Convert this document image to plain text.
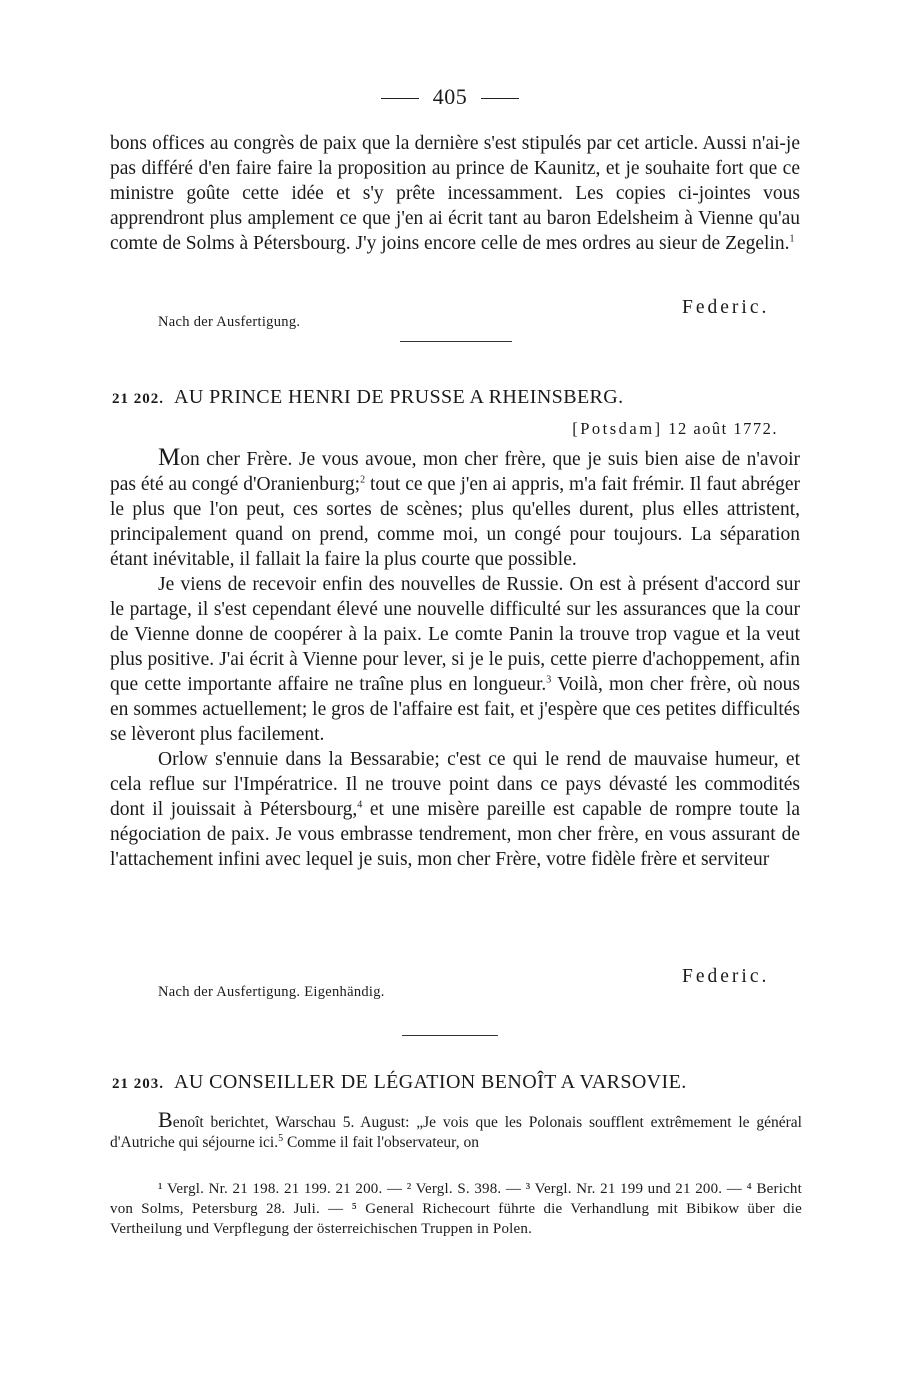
405

bons offices au congrès de paix que la dernière s'est stipulés par cet article. Aussi n'ai-je pas différé d'en faire faire la proposition au prince de Kaunitz, et je souhaite fort que ce ministre goûte cette idée et s'y prête incessamment. Les copies ci-jointes vous apprendront plus amplement ce que j'en ai écrit tant au baron Edelsheim à Vienne qu'au comte de Solms à Pétersbourg. J'y joins encore celle de mes ordres au sieur de Zegelin.$^1$

Federic.
Nach der Ausfertigung.
21 202. AU PRINCE HENRI DE PRUSSE A RHEINSBERG.
[Potsdam] 12 août 1772.

Mon cher Frère. Je vous avoue, mon cher frère, que je suis bien aise de n'avoir pas été au congé d'Oranienburg;$^2$ tout ce que j'en ai appris, m'a fait frémir. Il faut abréger le plus que l'on peut, ces sortes de scènes; plus qu'elles durent, plus elles attristent, principalement quand on prend, comme moi, un congé pour toujours. La séparation étant inévitable, il fallait la faire la plus courte que possible.

Je viens de recevoir enfin des nouvelles de Russie. On est à présent d'accord sur le partage, il s'est cependant élevé une nouvelle difficulté sur les assurances que la cour de Vienne donne de coopérer à la paix. Le comte Panin la trouve trop vague et la veut plus positive. J'ai écrit à Vienne pour lever, si je le puis, cette pierre d'achoppement, afin que cette importante affaire ne traîne plus en longueur.$^3$ Voilà, mon cher frère, où nous en sommes actuellement; le gros de l'affaire est fait, et j'espère que ces petites difficultés se lèveront plus facilement.

Orlow s'ennuie dans la Bessarabie; c'est ce qui le rend de mauvaise humeur, et cela reflue sur l'Impératrice. Il ne trouve point dans ce pays dévasté les commodités dont il jouissait à Pétersbourg,$^4$ et une misère pareille est capable de rompre toute la négociation de paix. Je vous embrasse tendrement, mon cher frère, en vous assurant de l'attachement infini avec lequel je suis, mon cher Frère, votre fidèle frère et serviteur

Federic.
Nach der Ausfertigung. Eigenhändig.
21 203. AU CONSEILLER DE LÉGATION BENOÎT A VARSOVIE.

Benoît berichtet, Warschau 5. August: „Je vois que les Polonais soufflent extrêmement le général d'Autriche qui séjourne ici.$^5$ Comme il fait l'observateur, on

¹ Vergl. Nr. 21 198. 21 199. 21 200. — ² Vergl. S. 398. — ³ Vergl. Nr. 21 199 und 21 200. — ⁴ Bericht von Solms, Petersburg 28. Juli. — ⁵ General Richecourt führte die Verhandlung mit Bibikow über die Vertheilung und Verpflegung der österreichischen Truppen in Polen.
